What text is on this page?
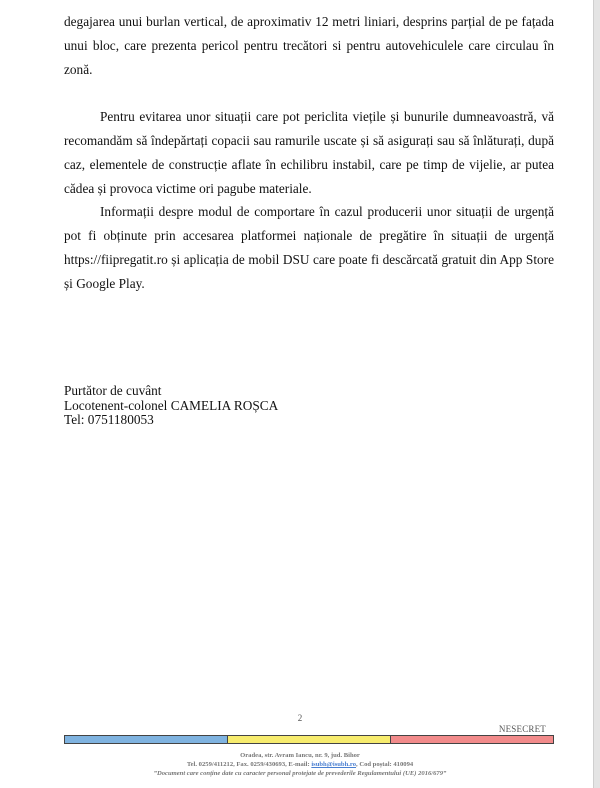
degajarea unui burlan vertical, de aproximativ 12 metri liniari, desprins parțial de pe fațada unui bloc, care prezenta pericol pentru trecători si pentru autovehiculele care circulau în zonă.

Pentru evitarea unor situații care pot periclita viețile și bunurile dumneavoastră, vă recomandăm să îndepărtați copacii sau ramurile uscate și să asigurați sau să înlăturați, după caz, elementele de construcție aflate în echilibru instabil, care pe timp de vijelie, ar putea cădea și provoca victime ori pagube materiale.

Informații despre modul de comportare în cazul producerii unor situații de urgență pot fi obținute prin accesarea platformei naționale de pregătire în situații de urgență https://fiipregatit.ro și aplicația de mobil DSU care poate fi descărcată gratuit din App Store și Google Play.

Purtător de cuvânt
Locotenent-colonel CAMELIA ROȘCA
Tel: 0751180053
2
NESECRET
Oradea, str. Avram Iancu, nr. 9, jud. Bihor
Tel. 0259/411212, Fax. 0259/430693, E-mail: isubh@isubh.ro, Cod poștal: 410094
”Document care conține date cu caracter personal protejate de prevederile Regulamentului (UE) 2016/679”
